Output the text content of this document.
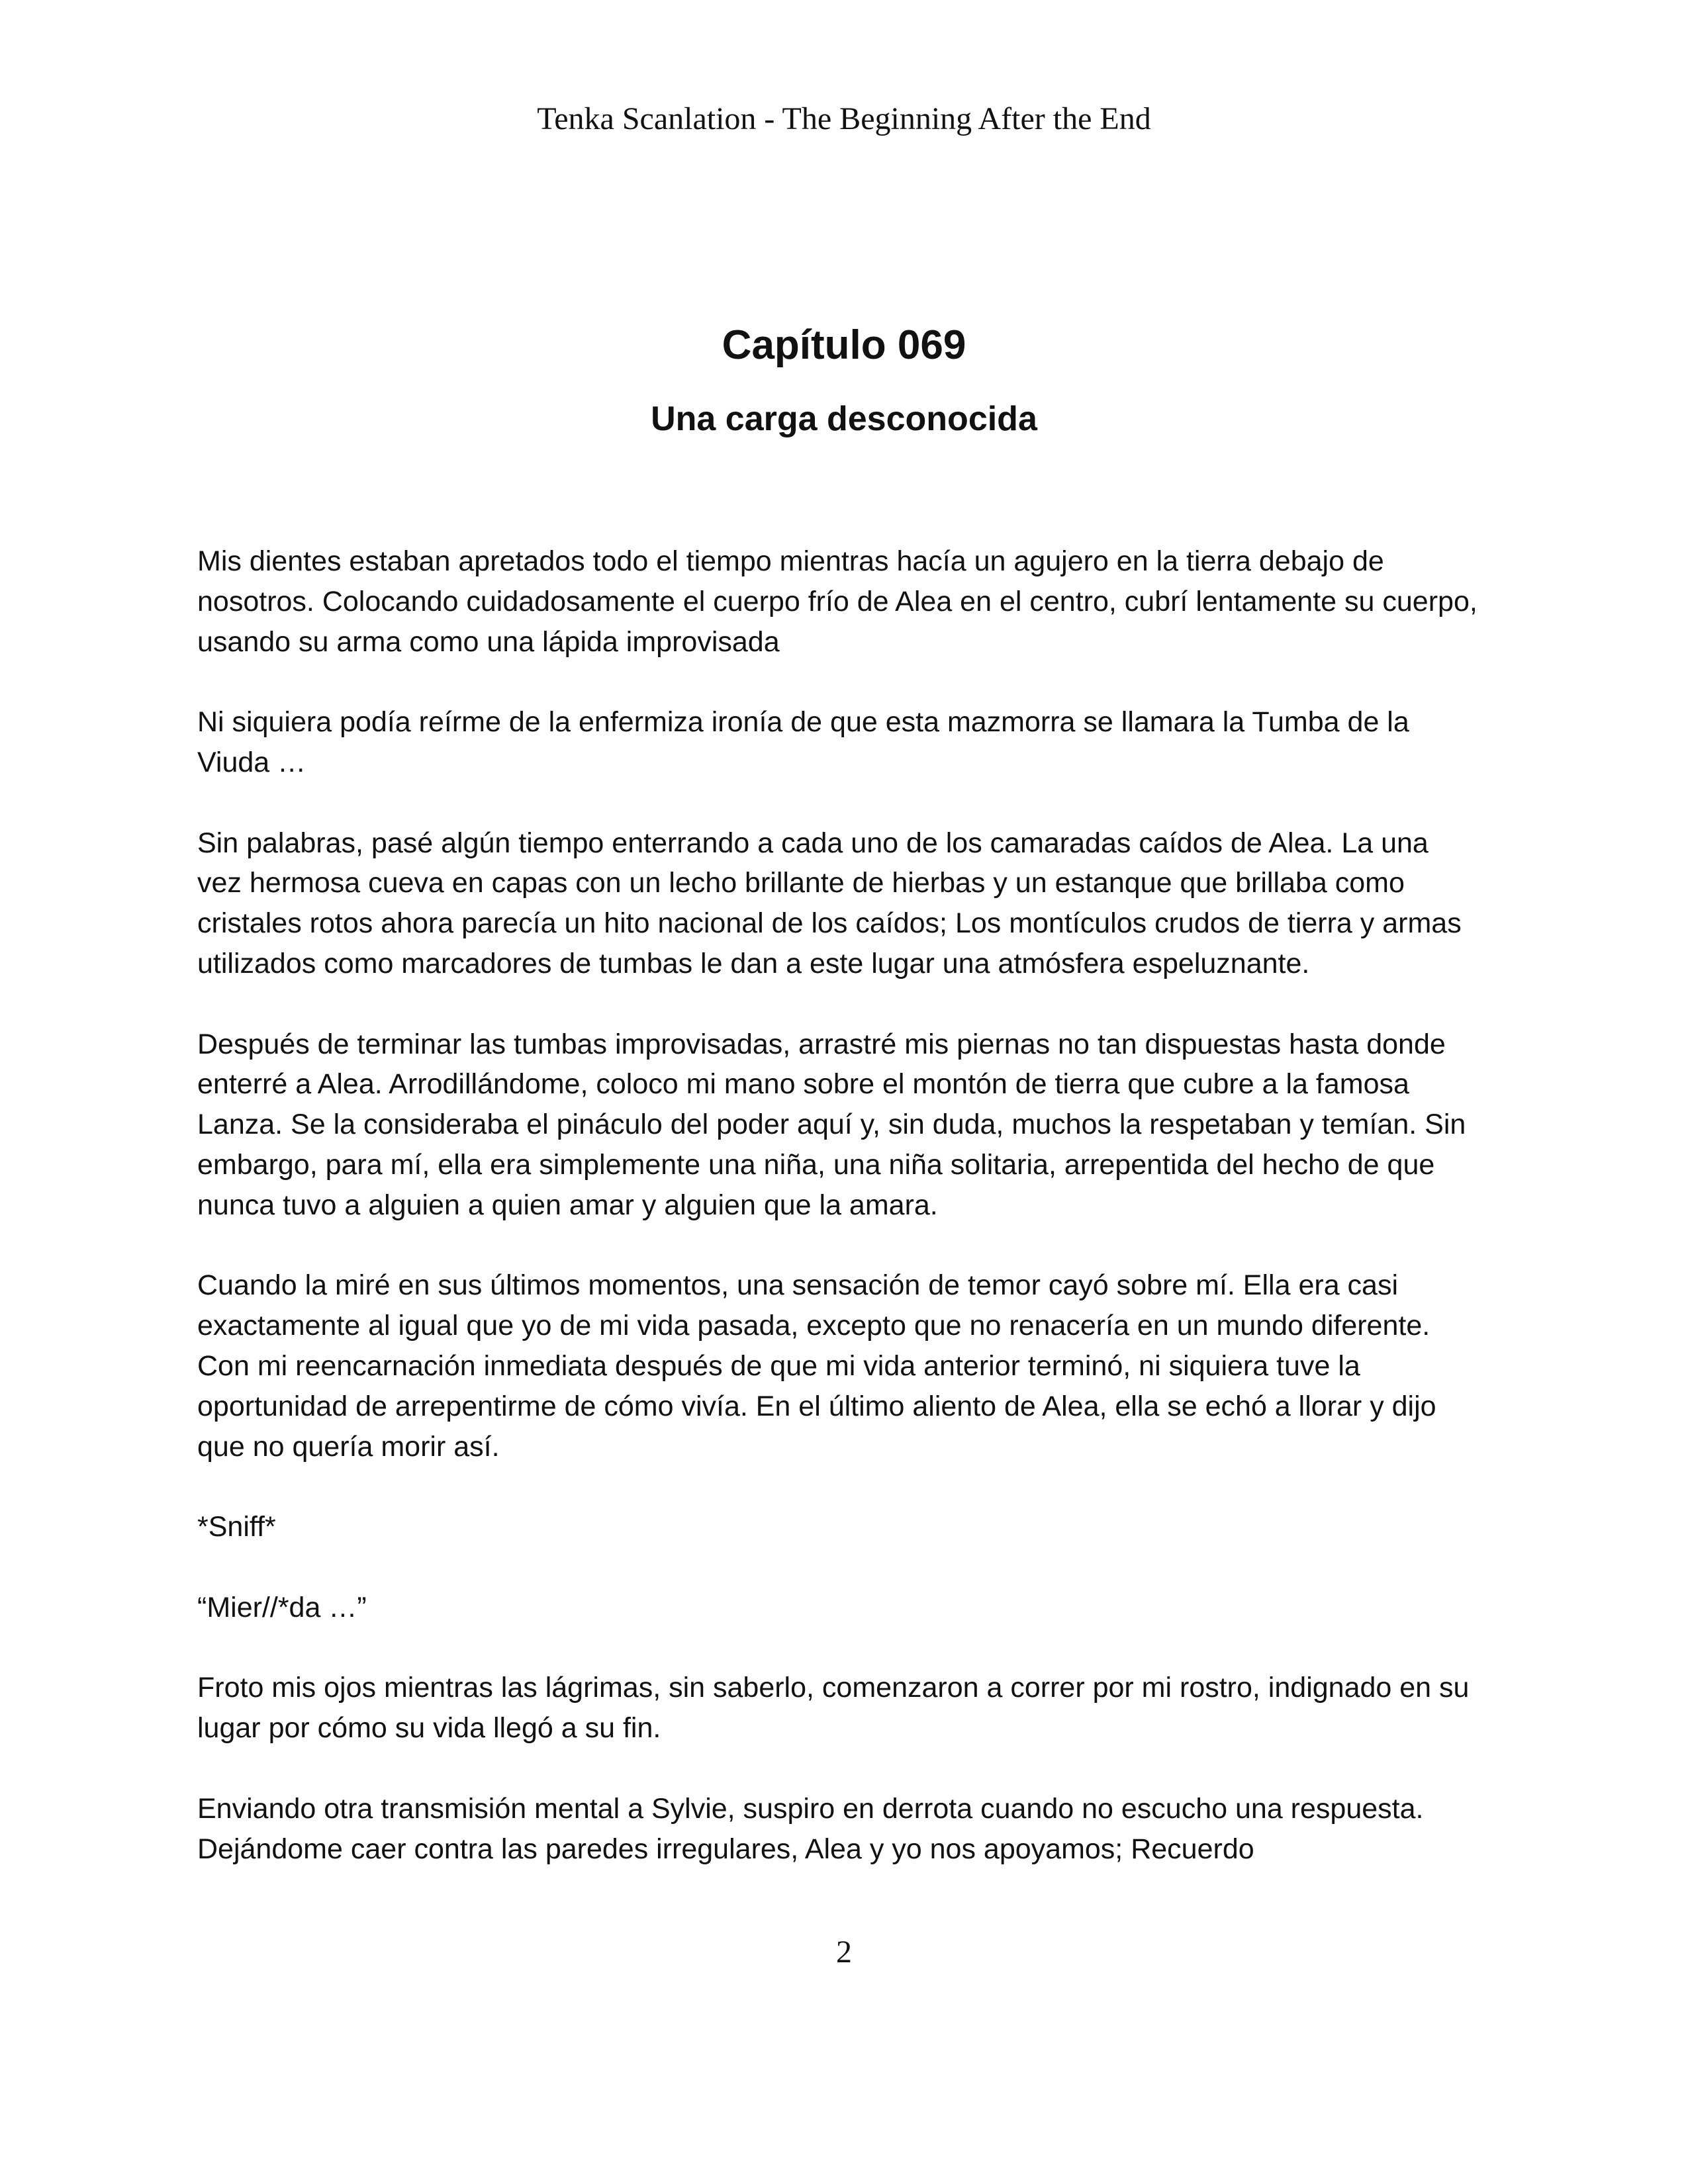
Tenka Scanlation - The Beginning After the End
Capítulo 069
Una carga desconocida

Mis dientes estaban apretados todo el tiempo mientras hacía un agujero en la tierra debajo de nosotros. Colocando cuidadosamente el cuerpo frío de Alea en el centro, cubrí lentamente su cuerpo, usando su arma como una lápida improvisada

Ni siquiera podía reírme de la enfermiza ironía de que esta mazmorra se llamara la Tumba de la Viuda …

Sin palabras, pasé algún tiempo enterrando a cada uno de los camaradas caídos de Alea. La una vez hermosa cueva en capas con un lecho brillante de hierbas y un estanque que brillaba como cristales rotos ahora parecía un hito nacional de los caídos; Los montículos crudos de tierra y armas utilizados como marcadores de tumbas le dan a este lugar una atmósfera espeluznante.

Después de terminar las tumbas improvisadas, arrastré mis piernas no tan dispuestas hasta donde enterré a Alea. Arrodillándome, coloco mi mano sobre el montón de tierra que cubre a la famosa Lanza. Se la consideraba el pináculo del poder aquí y, sin duda, muchos la respetaban y temían. Sin embargo, para mí, ella era simplemente una niña, una niña solitaria, arrepentida del hecho de que nunca tuvo a alguien a quien amar y alguien que la amara.

Cuando la miré en sus últimos momentos, una sensación de temor cayó sobre mí. Ella era casi exactamente al igual que yo de mi vida pasada, excepto que no renacería en un mundo diferente. Con mi reencarnación inmediata después de que mi vida anterior terminó, ni siquiera tuve la oportunidad de arrepentirme de cómo vivía. En el último aliento de Alea, ella se echó a llorar y dijo que no quería morir así.

*Sniff*

“Mier//*da …”

Froto mis ojos mientras las lágrimas, sin saberlo, comenzaron a correr por mi rostro, indignado en su lugar por cómo su vida llegó a su fin.

Enviando otra transmisión mental a Sylvie, suspiro en derrota cuando no escucho una respuesta. Dejándome caer contra las paredes irregulares, Alea y yo nos apoyamos; Recuerdo

2
